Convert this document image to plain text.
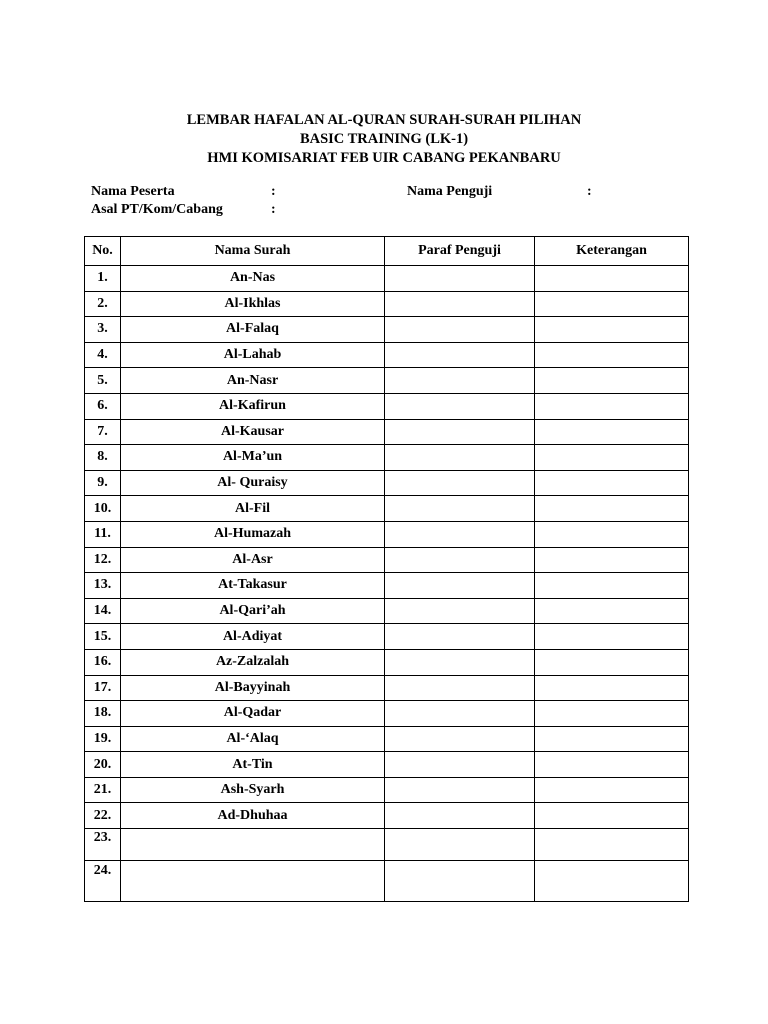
LEMBAR HAFALAN AL-QURAN SURAH-SURAH PILIHAN
BASIC TRAINING (LK-1)
HMI KOMISARIAT FEB UIR CABANG PEKANBARU
Nama Peserta	:
Asal PT/Kom/Cabang	:
Nama Penguji	:
No.	Nama Surah	Paraf Penguji	Keterangan
1.	An-Nas		
2.	Al-Ikhlas		
3.	Al-Falaq		
4.	Al-Lahab		
5.	An-Nasr		
6.	Al-Kafirun		
7.	Al-Kausar		
8.	Al-Ma’un		
9.	Al- Quraisy		
10.	Al-Fil		
11.	Al-Humazah		
12.	Al-Asr		
13.	At-Takasur		
14.	Al-Qari’ah		
15.	Al-Adiyat		
16.	Az-Zalzalah		
17.	Al-Bayyinah		
18.	Al-Qadar		
19.	Al-‘Alaq		
20.	At-Tin		
21.	Ash-Syarh		
22.	Ad-Dhuhaa		
23.			
24.			
